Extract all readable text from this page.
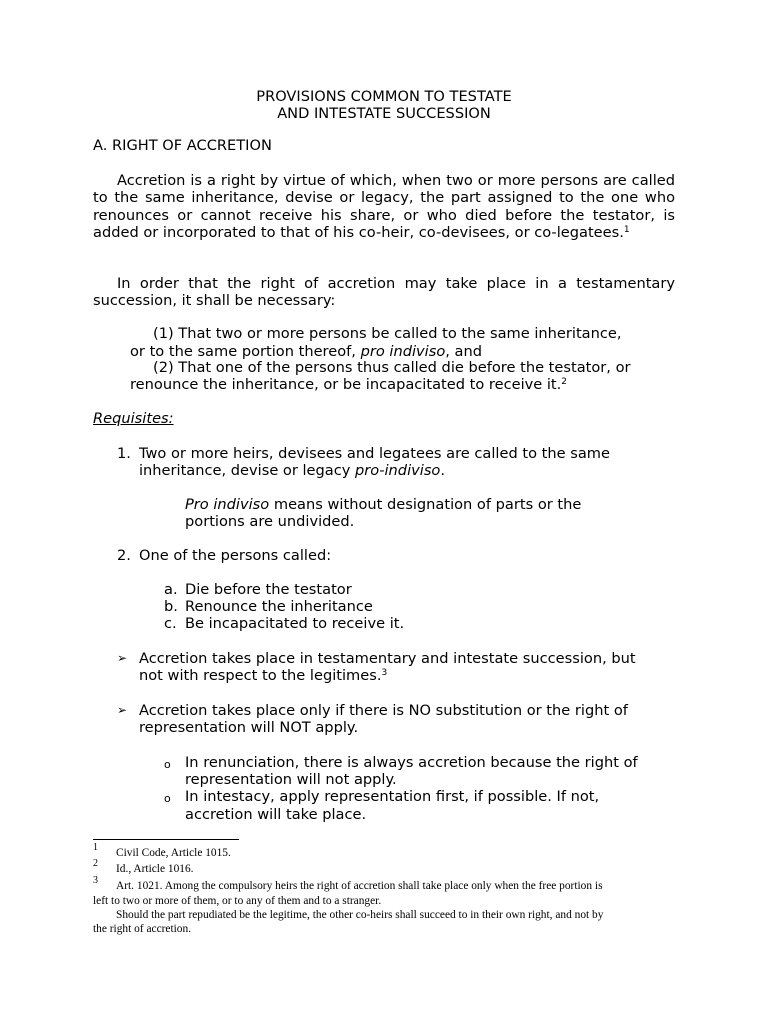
PROVISIONS COMMON TO TESTATE
AND INTESTATE SUCCESSION
A. RIGHT OF ACCRETION
Accretion is a right by virtue of which, when two or more persons are called to the same inheritance, devise or legacy, the part assigned to the one who renounces or cannot receive his share, or who died before the testator, is added or incorporated to that of his co-heir, co-devisees, or co-legatees.$^1$
In order that the right of accretion may take place in a testamentary succession, it shall be necessary:
(1) That two or more persons be called to the same inheritance,
or to the same portion thereof, pro indiviso, and
(2) That one of the persons thus called die before the testator, or
renounce the inheritance, or be incapacitated to receive it.$^2$
Requisites:
1. Two or more heirs, devisees and legatees are called to the same
inheritance, devise or legacy pro-indiviso.
Pro indiviso means without designation of parts or the
portions are undivided.
2. One of the persons called:
a. Die before the testator
b. Renounce the inheritance
c. Be incapacitated to receive it.
➢ Accretion takes place in testamentary and intestate succession, but
not with respect to the legitimes.$^3$
➢ Accretion takes place only if there is NO substitution or the right of
representation will NOT apply.
o In renunciation, there is always accretion because the right of
representation will not apply.
o In intestacy, apply representation first, if possible. If not,
accretion will take place.
1 Civil Code, Article 1015.
2 Id., Article 1016.
3 Art. 1021. Among the compulsory heirs the right of accretion shall take place only when the free portion is
left to two or more of them, or to any of them and to a stranger.
Should the part repudiated be the legitime, the other co-heirs shall succeed to in their own right, and not by
the right of accretion.
